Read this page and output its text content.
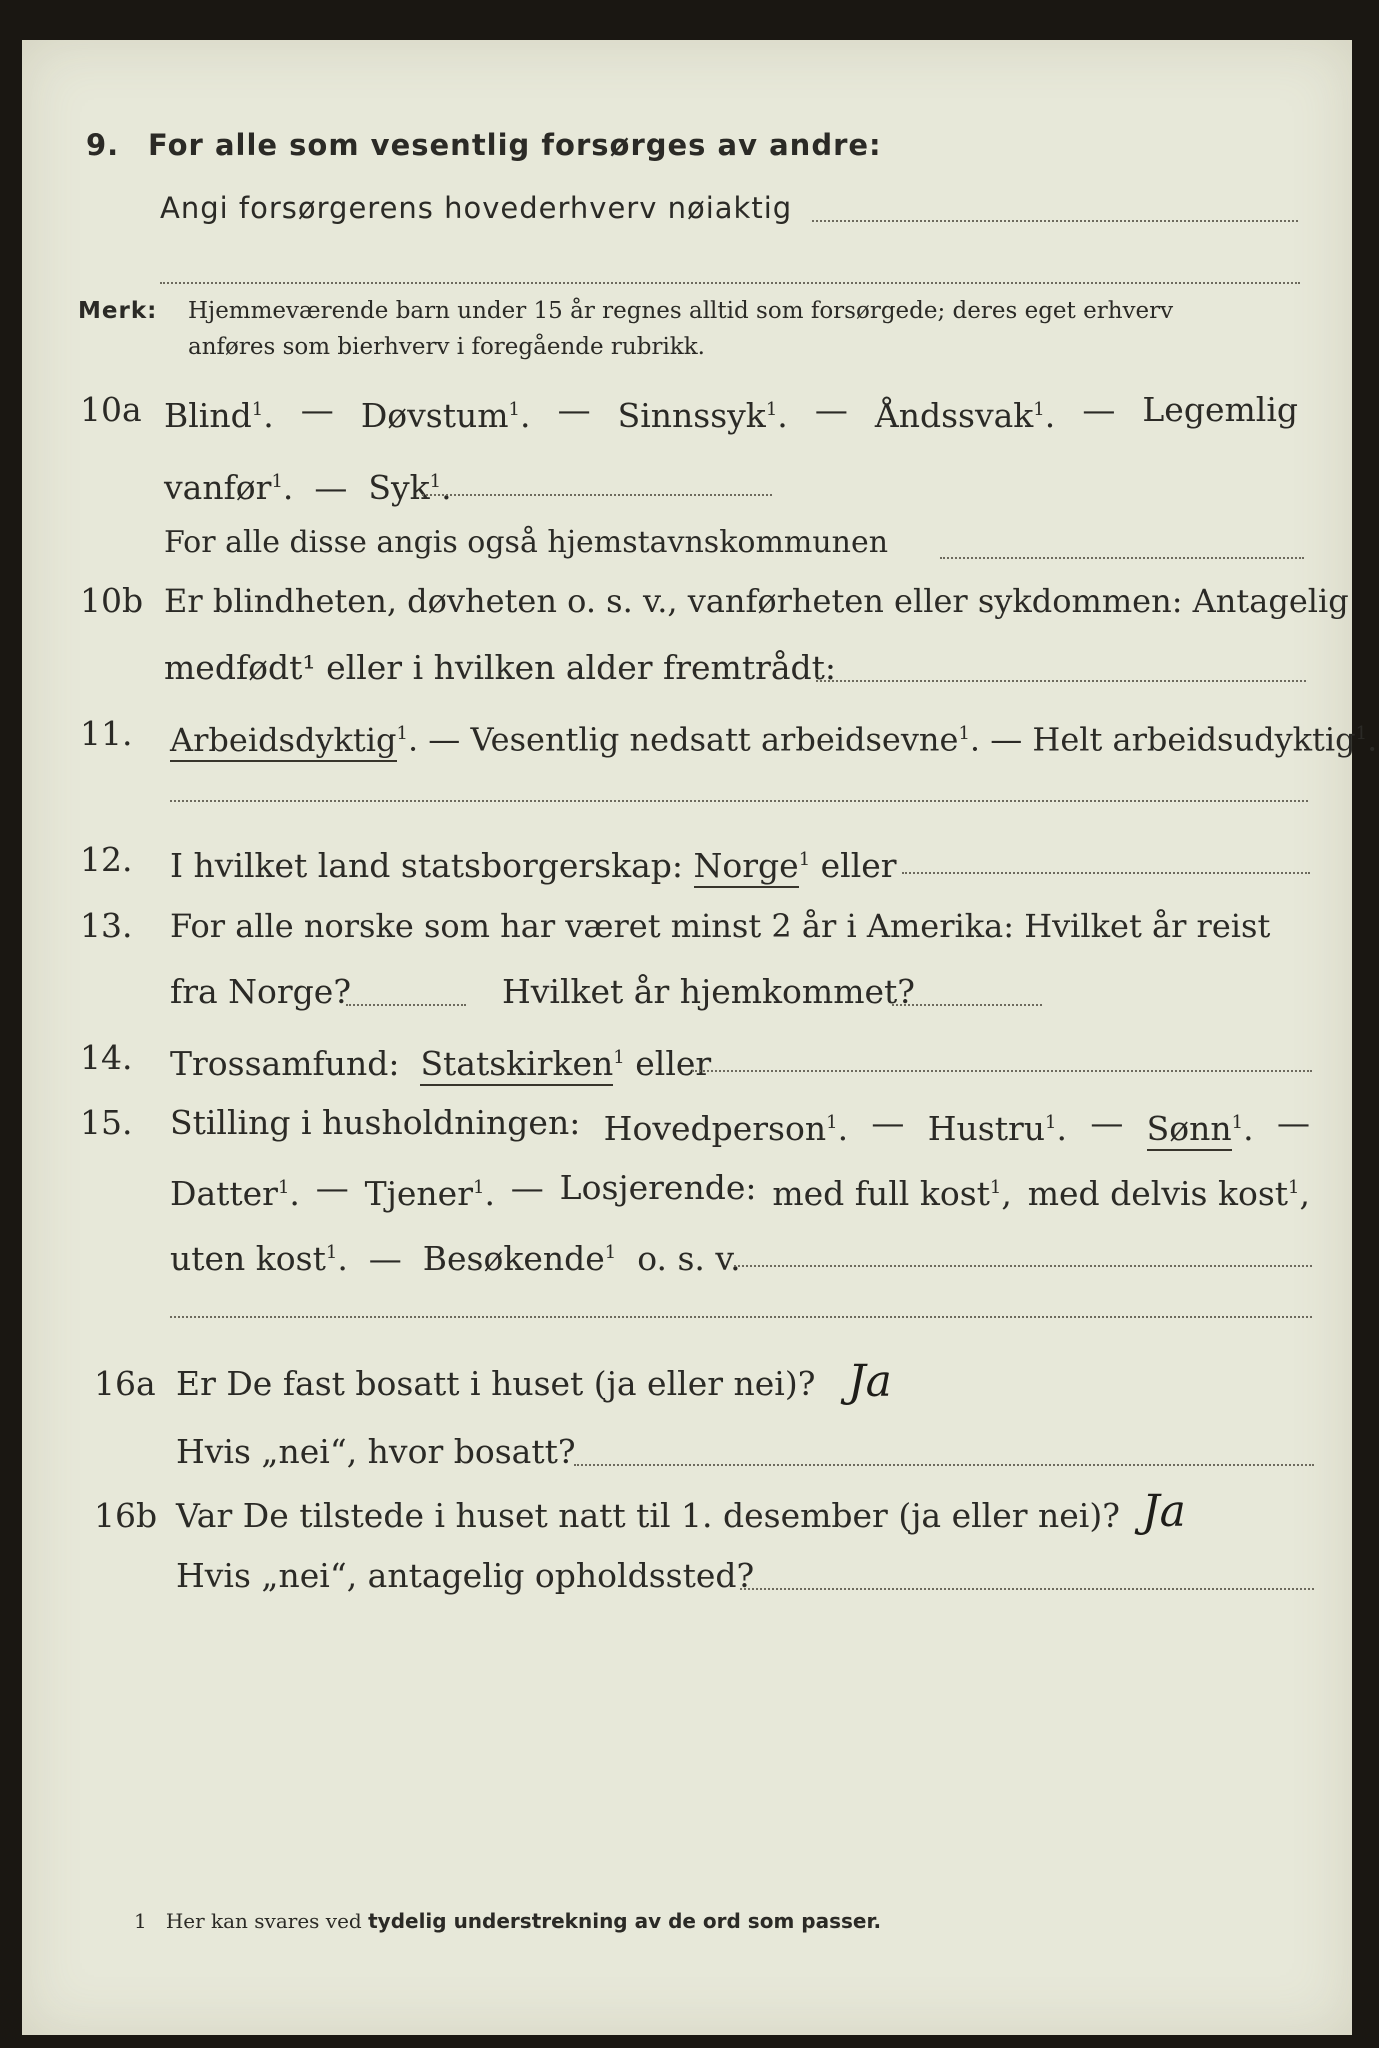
9. For alle som vesentlig forsørges av andre:
Angi forsørgerens hovederhverv nøiaktig
Merk: Hjemmeværende barn under 15 år regnes alltid som forsørgede; deres eget erhverv
anføres som bierhverv i foregående rubrikk.
10a Blind$^1$. — Døvstum$^1$. — Sinnssyk$^1$. — Åndssvak$^1$. — Legemlig
vanfør$^1$.  — Syk$^1$.
For alle disse angis også hjemstavnskommunen
10b Er blindheten, døvheten o. s. v., vanførheten eller sykdommen: Antagelig
medfødt¹ eller i hvilken alder fremtrådt:
11. Arbeidsdyktig$^1$. — Vesentlig nedsatt arbeidsevne$^1$. — Helt arbeidsudyktig$^1$.
12. I hvilket land statsborgerskap: Norge$^1$ eller
13. For alle norske som har været minst 2 år i Amerika: Hvilket år reist
fra Norge?	Hvilket år hjemkommet?
14. Trossamfund: Statskirken$^1$ eller
15. Stilling i husholdningen: Hovedperson$^1$. — Hustru$^1$. — Sønn$^1$. —
Datter$^1$. — Tjener$^1$. — Losjerende: med full kost$^1$, med delvis kost$^1$,
uten kost$^1$.  — Besøkende$^1$ o. s. v.
16a Er De fast bosatt i huset (ja eller nei)? Ja
Hvis „nei“, hvor bosatt?
16b Var De tilstede i huset natt til 1. desember (ja eller nei)? Ja
Hvis „nei“, antagelig opholdssted?
1 Her kan svares ved tydelig understrekning av de ord som passer.
